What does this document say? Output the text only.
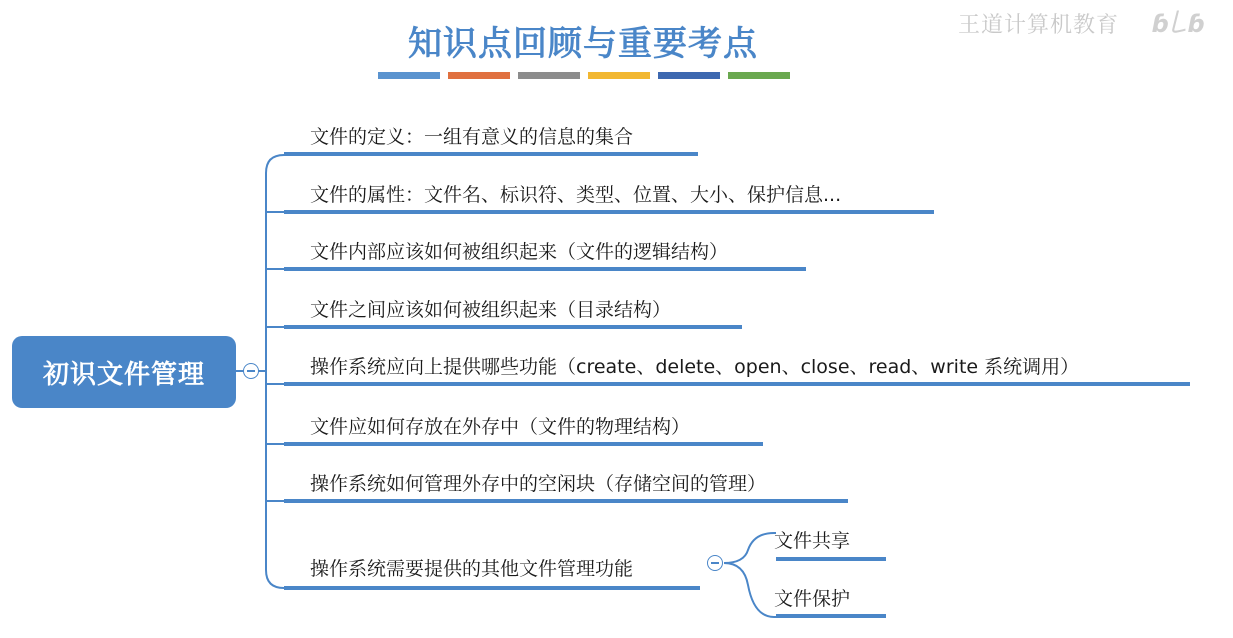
知识点回顾与重要考点	王道计算机教育 ɓ꒒ɓ
初识文件管理
文件的定义：一组有意义的信息的集合
文件的属性：文件名、标识符、类型、位置、大小、保护信息...
文件内部应该如何被组织起来（文件的逻辑结构）
文件之间应该如何被组织起来（目录结构）
操作系统应向上提供哪些功能（create、delete、open、close、read、write 系统调用）
文件应如何存放在外存中（文件的物理结构）
操作系统如何管理外存中的空闲块（存储空间的管理）
操作系统需要提供的其他文件管理功能
文件共享
文件保护
